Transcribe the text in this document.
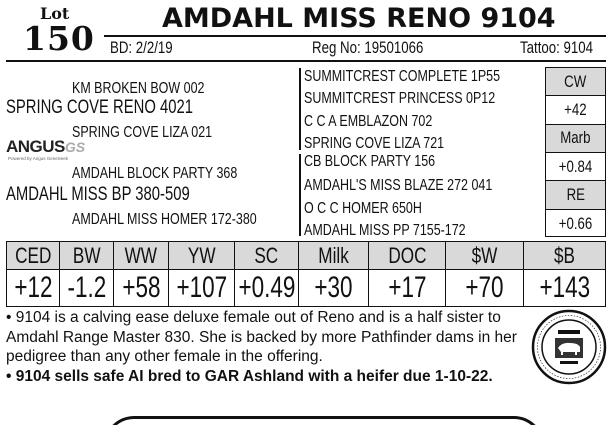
Lot
150
AMDAHL MISS RENO 9104
BD: 2/2/19	Reg No: 19501066	Tattoo: 9104
KM BROKEN BOW 002
SPRING COVE RENO 4021
SPRING COVE LIZA 021
ANGUSGS
Powered by Angus GeneSeek
AMDAHL BLOCK PARTY 368
AMDAHL MISS BP 380-509
AMDAHL MISS HOMER 172-380
SUMMITCREST COMPLETE 1P55
SUMMITCREST PRINCESS 0P12
C C A EMBLAZON 702
SPRING COVE LIZA 721
CB BLOCK PARTY 156
AMDAHL'S MISS BLAZE 272 041
O C C HOMER 650H
AMDAHL MISS PP 7155-172
CW
+42
Marb
+0.84
RE
+0.66
CED BW WW YW SC Milk DOC $W	$B
+12 -1.2 +58 +107 +0.49 +30 +17 +70 +143

• 9104 is a calving ease deluxe female out of Reno and is a half sister to Amdahl Range Master 830. She is backed by more Pathfinder dams in her pedigree than any other female in the offering.

• 9104 sells safe AI bred to GAR Ashland with a heifer due 1-10-22.
